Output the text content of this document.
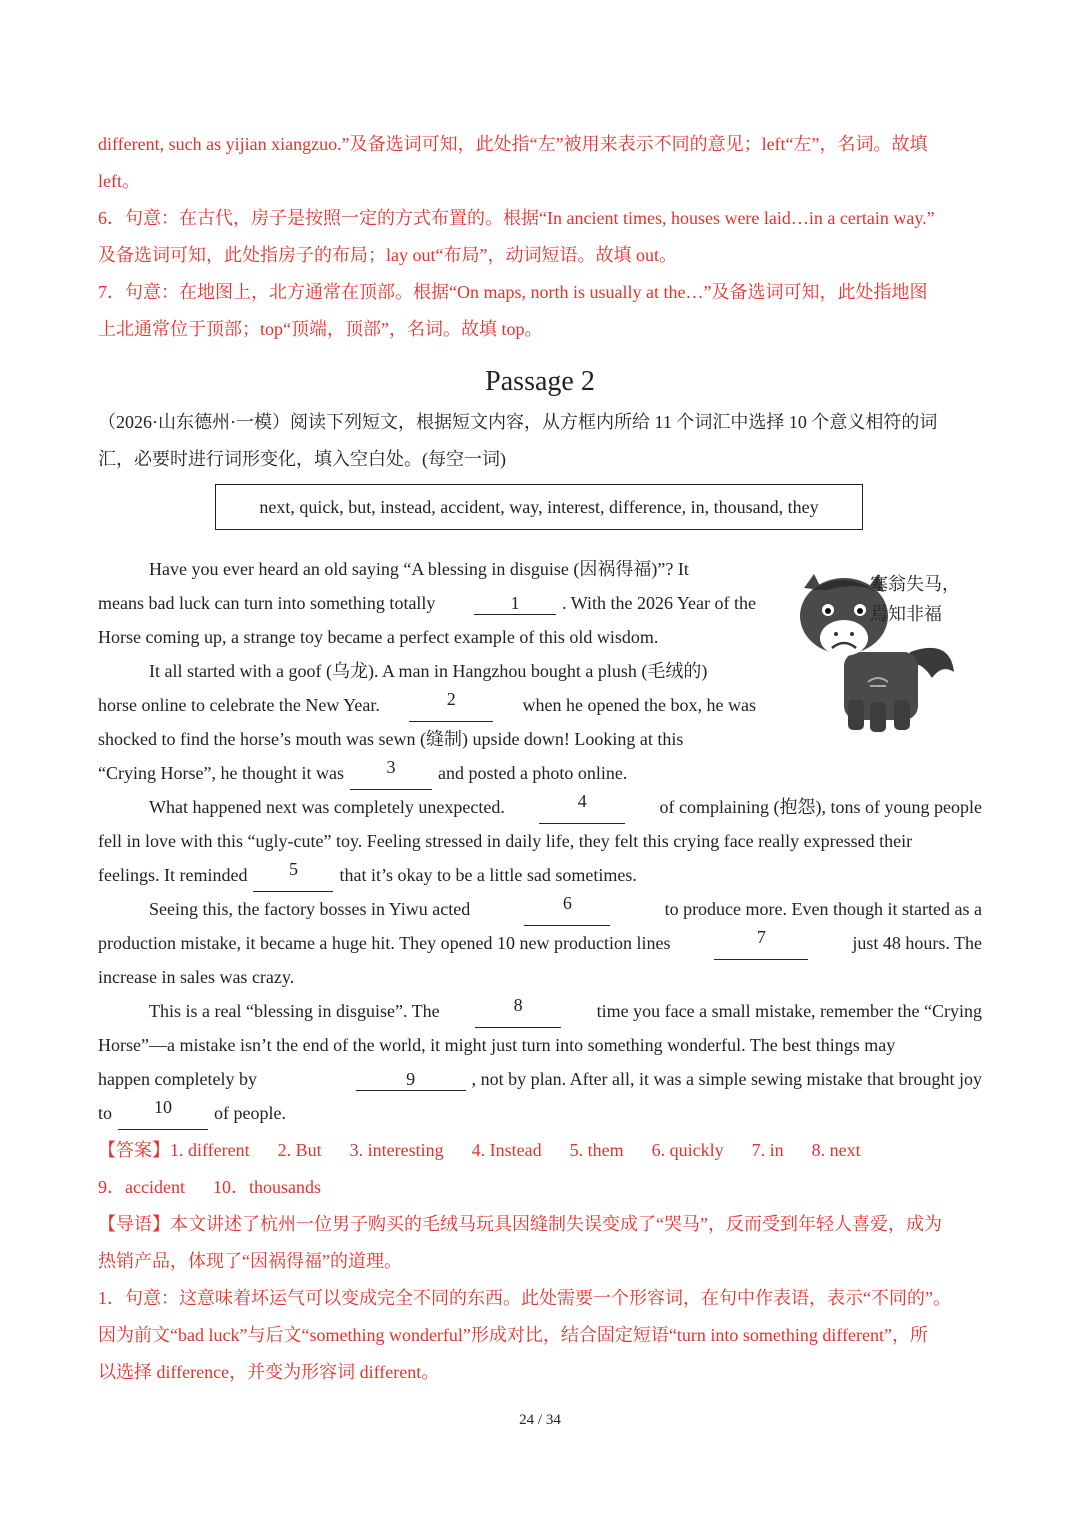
different, such as yijian xiangzuo.”及备选词可知，此处指“左”被用来表示不同的意见；left“左”，名词。故填
left。
6．句意：在古代，房子是按照一定的方式布置的。根据“In ancient times, houses were laid…in a certain way.”
及备选词可知，此处指房子的布局；lay out“布局”，动词短语。故填 out。
7．句意：在地图上，北方通常在顶部。根据“On maps, north is usually at the…”及备选词可知，此处指地图
上北通常位于顶部；top“顶端，顶部”，名词。故填 top。
Passage 2
（2026·山东德州·一模）阅读下列短文，根据短文内容，从方框内所给 11 个词汇中选择 10 个意义相符的词
汇，必要时进行词形变化，填入空白处。(每空一词)
next, quick, but, instead, accident, way, interest, difference, in, thousand, they
塞翁失马，
焉知非福
Have you ever heard an old saying “A blessing in disguise (因祸得福)”? It
means bad luck can turn into something totally	1 . With the 2026 Year of the
Horse coming up, a strange toy became a perfect example of this old wisdom.
It all started with a goof (乌龙). A man in Hangzhou bought a plush (毛绒的)
horse online to celebrate the New Year.	2	when he opened the box, he was
shocked to find the horse’s mouth was sewn (缝制) upside down! Looking at this
“Crying Horse”, he thought it was	3	and posted a photo online.
What happened next was completely unexpected.	4	of complaining (抱怨), tons of young people
fell in love with this “ugly-cute” toy. Feeling stressed in daily life, they felt this crying face really expressed their
feelings. It reminded	5	that it’s okay to be a little sad sometimes.
Seeing this, the factory bosses in Yiwu acted	6	to produce more. Even though it started as a
production mistake, it became a huge hit. They opened 10 new production lines	7	just 48 hours. The
increase in sales was crazy.
This is a real “blessing in disguise”. The	8	time you face a small mistake, remember the “Crying
Horse”—a mistake isn’t the end of the world, it might just turn into something wonderful. The best things may
happen completely by	9	, not by plan. After all, it was a simple sewing mistake that brought joy
to	10	of people.
【答案】 1. different 2. But 3. interesting 4. Instead 5. them 6. quickly 7. in 8. next
9．accident 10．thousands
【导语】本文讲述了杭州一位男子购买的毛绒马玩具因缝制失误变成了“哭马”，反而受到年轻人喜爱，成为
热销产品，体现了“因祸得福”的道理。
1．句意：这意味着坏运气可以变成完全不同的东西。此处需要一个形容词，在句中作表语，表示“不同的”。
因为前文“bad luck”与后文“something wonderful”形成对比，结合固定短语“turn into something different”，所
以选择 difference，并变为形容词 different。
24 / 34
